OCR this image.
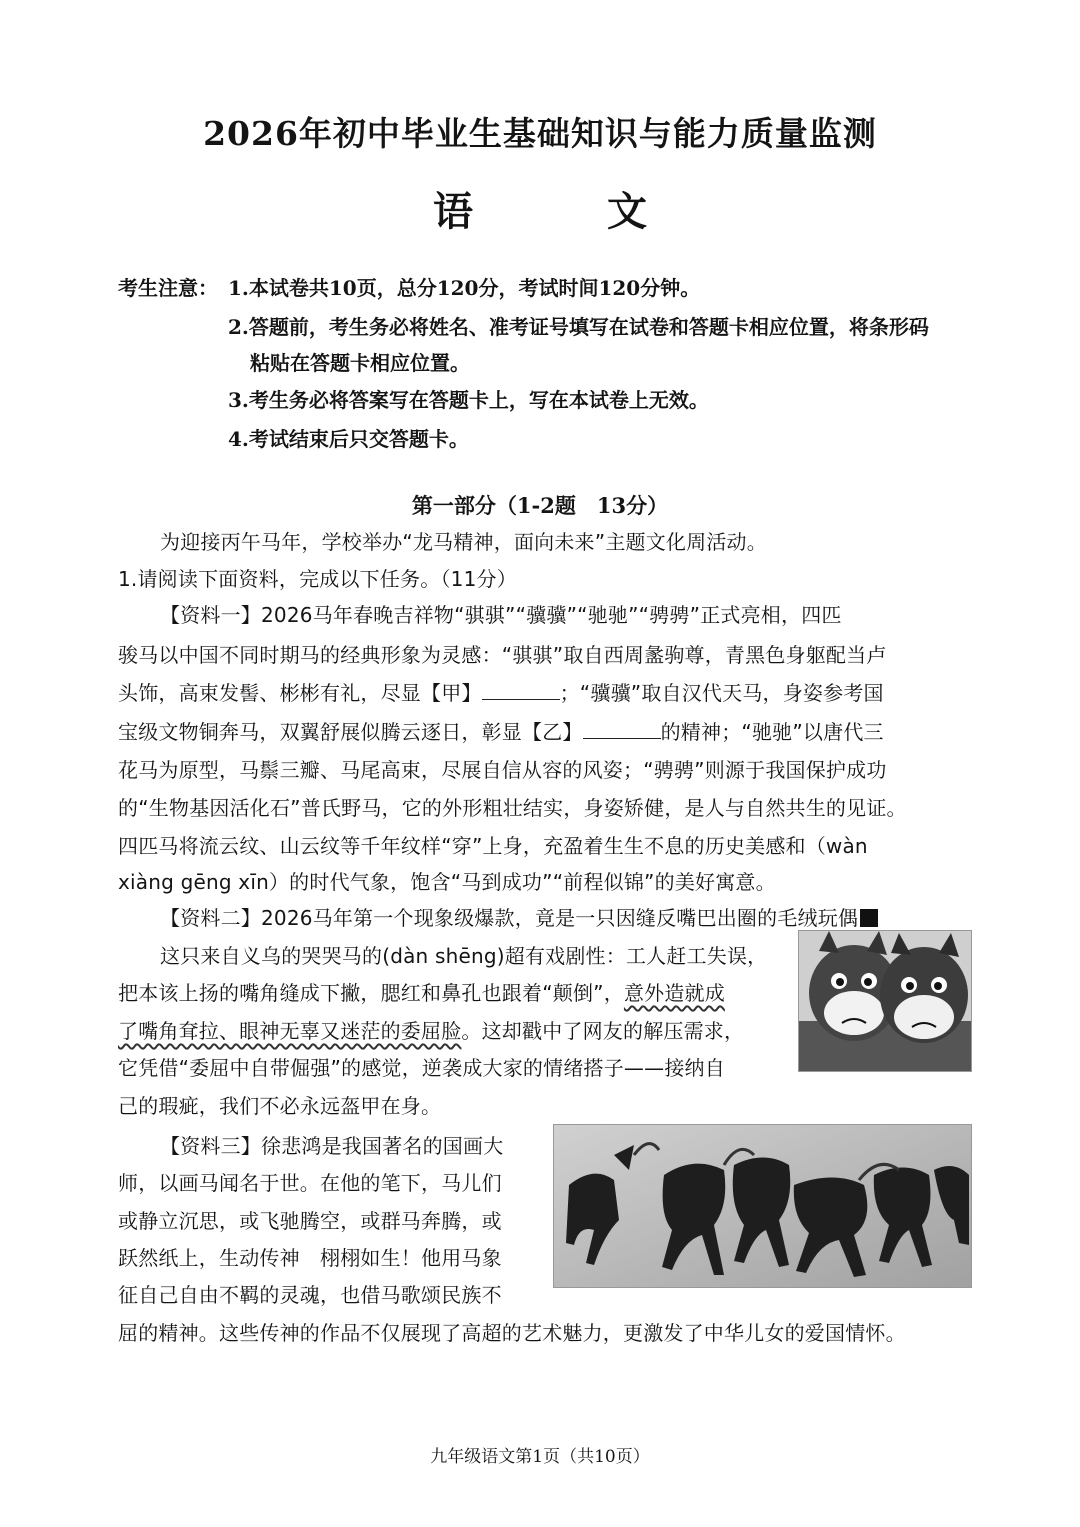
2026年初中毕业生基础知识与能力质量监测
语 文
考生注意： 1.本试卷共10页，总分120分，考试时间120分钟。
2.答题前，考生务必将姓名、准考证号填写在试卷和答题卡相应位置，将条形码
粘贴在答题卡相应位置。
3.考生务必将答案写在答题卡上，写在本试卷上无效。
4.考试结束后只交答题卡。
第一部分（1-2题　13分）
为迎接丙午马年，学校举办“龙马精神，面向未来”主题文化周活动。
1.请阅读下面资料，完成以下任务。（11分）
【资料一】2026马年春晚吉祥物“骐骐”“骥骥”“驰驰”“骋骋”正式亮相，四匹
骏马以中国不同时期马的经典形象为灵感：“骐骐”取自西周盠驹尊，青黑色身躯配当卢
头饰，高束发髻、彬彬有礼，尽显【甲】	；“骥骥”取自汉代天马，身姿参考国
宝级文物铜奔马，双翼舒展似腾云逐日，彰显【乙】	的精神；“驰驰”以唐代三
花马为原型，马鬃三瓣、马尾高束，尽展自信从容的风姿；“骋骋”则源于我国保护成功
的“生物基因活化石”普氏野马，它的外形粗壮结实，身姿矫健，是人与自然共生的见证。
四匹马将流云纹、山云纹等千年纹样“穿”上身，充盈着生生不息的历史美感和（wàn
xiàng gēng xīn）的时代气象，饱含“马到成功”“前程似锦”的美好寓意。
【资料二】2026马年第一个现象级爆款，竟是一只因缝反嘴巴出圈的毛绒玩偶
这只来自义乌的哭哭马的(dàn shēng)超有戏剧性：工人赶工失误，
把本该上扬的嘴角缝成下撇，腮红和鼻孔也跟着“颠倒”，意外造就成
了嘴角耷拉、眼神无辜又迷茫的委屈脸。这却戳中了网友的解压需求，
它凭借“委屈中自带倔强”的感觉，逆袭成大家的情绪搭子——接纳自
己的瑕疵，我们不必永远盔甲在身。
【资料三】徐悲鸿是我国著名的国画大
师，以画马闻名于世。在他的笔下，马儿们
或静立沉思，或飞驰腾空，或群马奔腾，或
跃然纸上，生动传神　栩栩如生！他用马象
征自己自由不羁的灵魂，也借马歌颂民族不
屈的精神。这些传神的作品不仅展现了高超的艺术魅力，更激发了中华儿女的爱国情怀。
九年级语文第1页（共10页）
